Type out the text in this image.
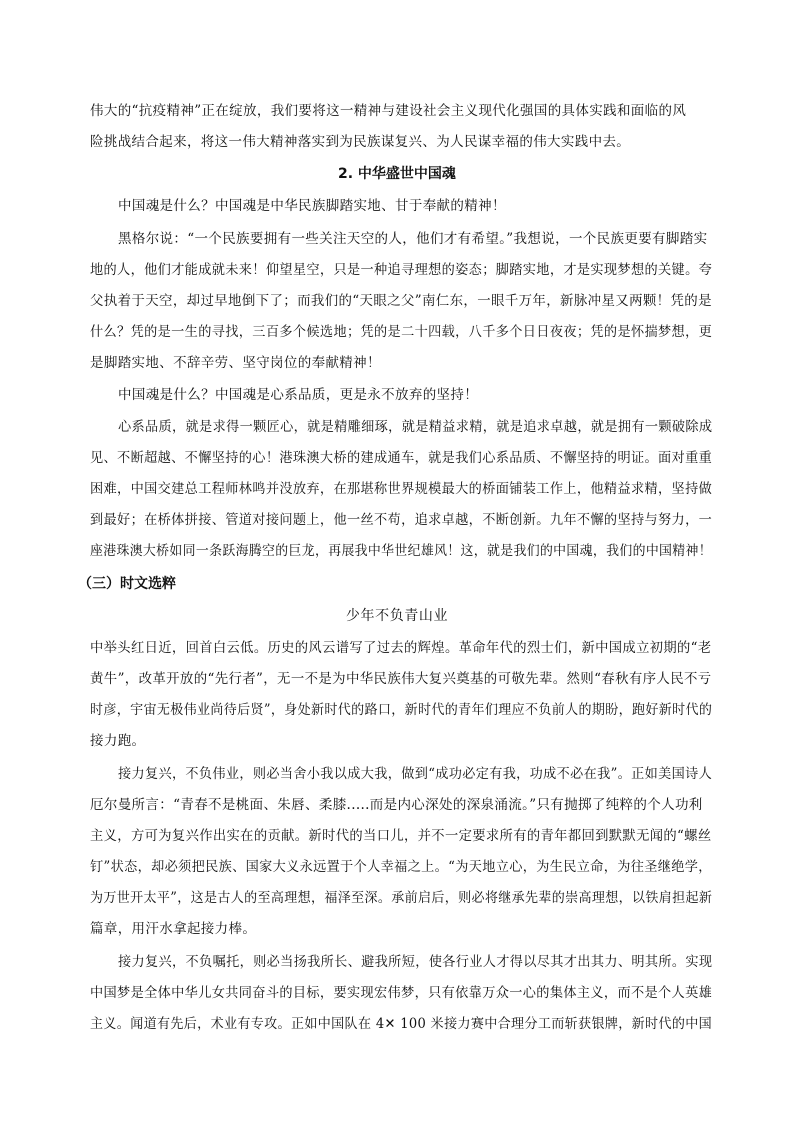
伟大的“抗疫精神”正在绽放，我们要将这一精神与建设社会主义现代化强国的具体实践和面临的风
险挑战结合起来，将这一伟大精神落实到为民族谋复兴、为人民谋幸福的伟大实践中去。
2. 中华盛世中国魂
中国魂是什么？中国魂是中华民族脚踏实地、甘于奉献的精神！
黑格尔说：“一个民族要拥有一些关注天空的人，他们才有希望。”我想说，一个民族更要有脚踏实
地的人，他们才能成就未来！仰望星空，只是一种追寻理想的姿态；脚踏实地，才是实现梦想的关键。夸
父执着于天空，却过早地倒下了；而我们的“天眼之父”南仁东，一眼千万年，新脉冲星又两颗！凭的是
什么？凭的是一生的寻找，三百多个候选地；凭的是二十四载，八千多个日日夜夜；凭的是怀揣梦想，更
是脚踏实地、不辞辛劳、坚守岗位的奉献精神！
中国魂是什么？中国魂是心系品质，更是永不放弃的坚持！
心系品质，就是求得一颗匠心，就是精雕细琢，就是精益求精，就是追求卓越，就是拥有一颗破除成
见、不断超越、不懈坚持的心！港珠澳大桥的建成通车，就是我们心系品质、不懈坚持的明证。面对重重
困难，中国交建总工程师林鸣并没放弃，在那堪称世界规模最大的桥面铺装工作上，他精益求精，坚持做
到最好；在桥体拼接、管道对接问题上，他一丝不苟，追求卓越，不断创新。九年不懈的坚持与努力，一
座港珠澳大桥如同一条跃海腾空的巨龙，再展我中华世纪雄风！这，就是我们的中国魂，我们的中国精神！
（三）时文选粹
少年不负青山业
中举头红日近，回首白云低。历史的风云谱写了过去的辉煌。革命年代的烈士们，新中国成立初期的“老
黄牛”，改革开放的“先行者”，无一不是为中华民族伟大复兴奠基的可敬先辈。然则“春秋有序人民不亏
时彦，宇宙无极伟业尚待后贤”，身处新时代的路口，新时代的青年们理应不负前人的期盼，跑好新时代的
接力跑。
接力复兴，不负伟业，则必当舍小我以成大我，做到“成功必定有我，功成不必在我”。正如美国诗人
厄尔曼所言：“青春不是桃面、朱唇、柔膝.....而是内心深处的深泉涌流。”只有抛掷了纯粹的个人功利
主义，方可为复兴作出实在的贡献。新时代的当口儿，并不一定要求所有的青年都回到默默无闻的“螺丝
钉”状态，却必须把民族、国家大义永远置于个人幸福之上。“为天地立心，为生民立命，为往圣继绝学，
为万世开太平”，这是古人的至高理想，福泽至深。承前启后，则必将继承先辈的崇高理想，以铁肩担起新
篇章，用汗水拿起接力棒。
接力复兴，不负嘱托，则必当扬我所长、避我所短，使各行业人才得以尽其才出其力、明其所。实现
中国梦是全体中华儿女共同奋斗的目标，要实现宏伟梦，只有依靠万众一心的集体主义，而不是个人英雄
主义。闻道有先后，术业有专攻。正如中国队在 4✕ 100 米接力赛中合理分工而斩获银牌，新时代的中国
